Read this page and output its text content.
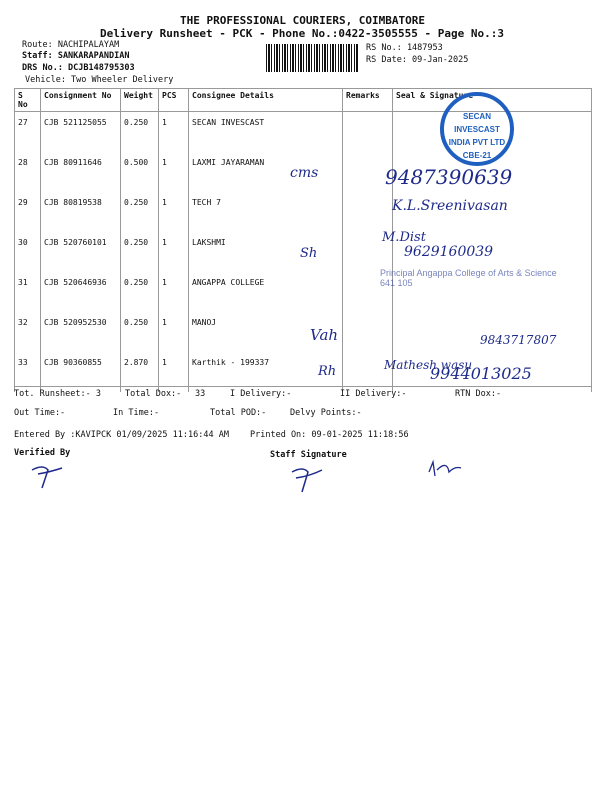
THE PROFESSIONAL COURIERS, COIMBATORE
Delivery Runsheet - PCK - Phone No.:0422-3505555 - Page No.:3
Route: NACHIPALAYAM
Staff: SANKARAPANDIAN
DRS No.: DCJB148795303
Vehicle: Two Wheeler Delivery
RS No.: 1487953
RS Date: 09-Jan-2025
S No	Consignment No	Weight	PCS	Consignee Details	Remarks	Seal & Signature
27	CJB 521125055	0.250	1	SECAN INVESCAST		
28	CJB 80911646	0.500	1	LAXMI JAYARAMAN		
29	CJB 80819538	0.250	1	TECH 7		
30	CJB 520760101	0.250	1	LAKSHMI		
31	CJB 520646936	0.250	1	ANGAPPA COLLEGE		
32	CJB 520952530	0.250	1	MANOJ		
33	CJB 90360855	2.870	1	Karthik - 199337		
SECAN INVESCAST INDIA PVT LTD CBE-21
Principal Angappa College of Arts & Science 641 105
cms	9487390639
K.L.Sreenivasan
Sh
M.Dist
9629160039
Vah	9843717807
Rh	Mathesh wasu
9944013025
Tot. Runsheet:- 3	Total Dox:- 33	I Delivery:-	II Delivery:-	RTN Dox:-
Out Time:-	In Time:-	Total POD:-	Delvy Points:-
Entered By :KAVIPCK 01/09/2025 11:16:44 AM Printed On: 09-01-2025 11:18:56
Verified By	Staff Signature
